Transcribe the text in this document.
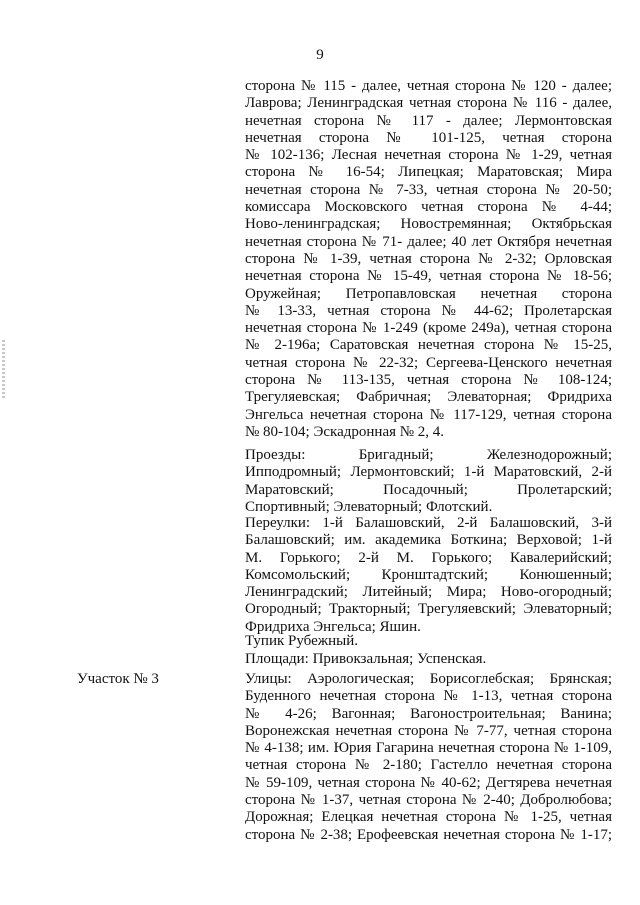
9
сторона № 115 - далее, четная сторона № 120 - далее;
Лаврова; Ленинградская четная сторона № 116 - далее,
нечетная сторона № 117 - далее; Лермонтовская
нечетная сторона № 101-125, четная сторона
№ 102-136; Лесная нечетная сторона № 1-29, четная
сторона № 16-54; Липецкая; Маратовская; Мира
нечетная сторона № 7-33, четная сторона № 20-50;
комиссара Московского четная сторона № 4-44;
Ново-ленинградская; Новостремянная; Октябрьская
нечетная сторона № 71- далее; 40 лет Октября нечетная
сторона № 1-39, четная сторона № 2-32; Орловская
нечетная сторона № 15-49, четная сторона № 18-56;
Оружейная; Петропавловская нечетная сторона
№ 13-33, четная сторона № 44-62; Пролетарская
нечетная сторона № 1-249 (кроме 249а), четная сторона
№ 2-196а; Саратовская нечетная сторона № 15-25,
четная сторона № 22-32; Сергеева-Ценского нечетная
сторона № 113-135, четная сторона № 108-124;
Трегуляевская; Фабричная; Элеваторная; Фридриха
Энгельса нечетная сторона № 117-129, четная сторона
№ 80-104; Эскадронная № 2, 4.
Проезды: Бригадный; Железнодорожный;
Ипподромный; Лермонтовский; 1-й Маратовский, 2-й
Маратовский; Посадочный; Пролетарский;
Спортивный; Элеваторный; Флотский.
Переулки: 1-й Балашовский, 2-й Балашовский, 3-й
Балашовский; им. академика Боткина; Верховой; 1-й
М. Горького; 2-й М. Горького; Кавалерийский;
Комсомольский; Кронштадтский; Конюшенный;
Ленинградский; Литейный; Мира; Ново-огородный;
Огородный; Тракторный; Трегуляевский; Элеваторный;
Фридриха Энгельса; Яшин.
Тупик Рубежный.
Площади: Привокзальная; Успенская.
Участок № 3	Улицы: Аэрологическая; Борисоглебская; Брянская;
Буденного нечетная сторона № 1-13, четная сторона
№ 4-26; Вагонная; Вагоностроительная; Ванина;
Воронежская нечетная сторона № 7-77, четная сторона
№ 4-138; им. Юрия Гагарина нечетная сторона № 1-109,
четная сторона № 2-180; Гастелло нечетная сторона
№ 59-109, четная сторона № 40-62; Дегтярева нечетная
сторона № 1-37, четная сторона № 2-40; Добролюбова;
Дорожная; Елецкая нечетная сторона № 1-25, четная
сторона № 2-38; Ерофеевская нечетная сторона № 1-17;
